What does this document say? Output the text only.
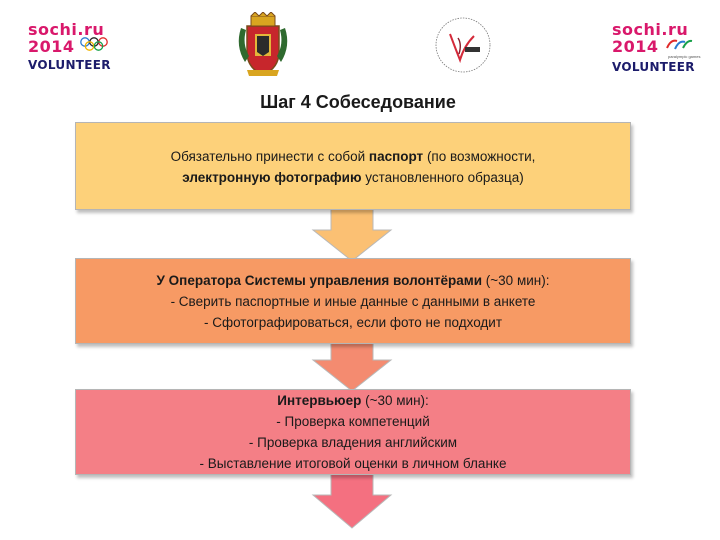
sochi.ru
2014
VOLUNTEER
sochi.ru
2014
paralympic games
VOLUNTEER
Шаг 4 Собеседование
Обязательно принести с собой паспорт (по возможности,
электронную фотографию установленного образца)
У Оператора Системы управления волонтёрами (~30 мин):
- Сверить паспортные и иные данные с данными в анкете
- Сфотографироваться, если фото не подходит
Интервьюер (~30 мин):
- Проверка компетенций
- Проверка владения английским
- Выставление итоговой оценки в личном бланке
